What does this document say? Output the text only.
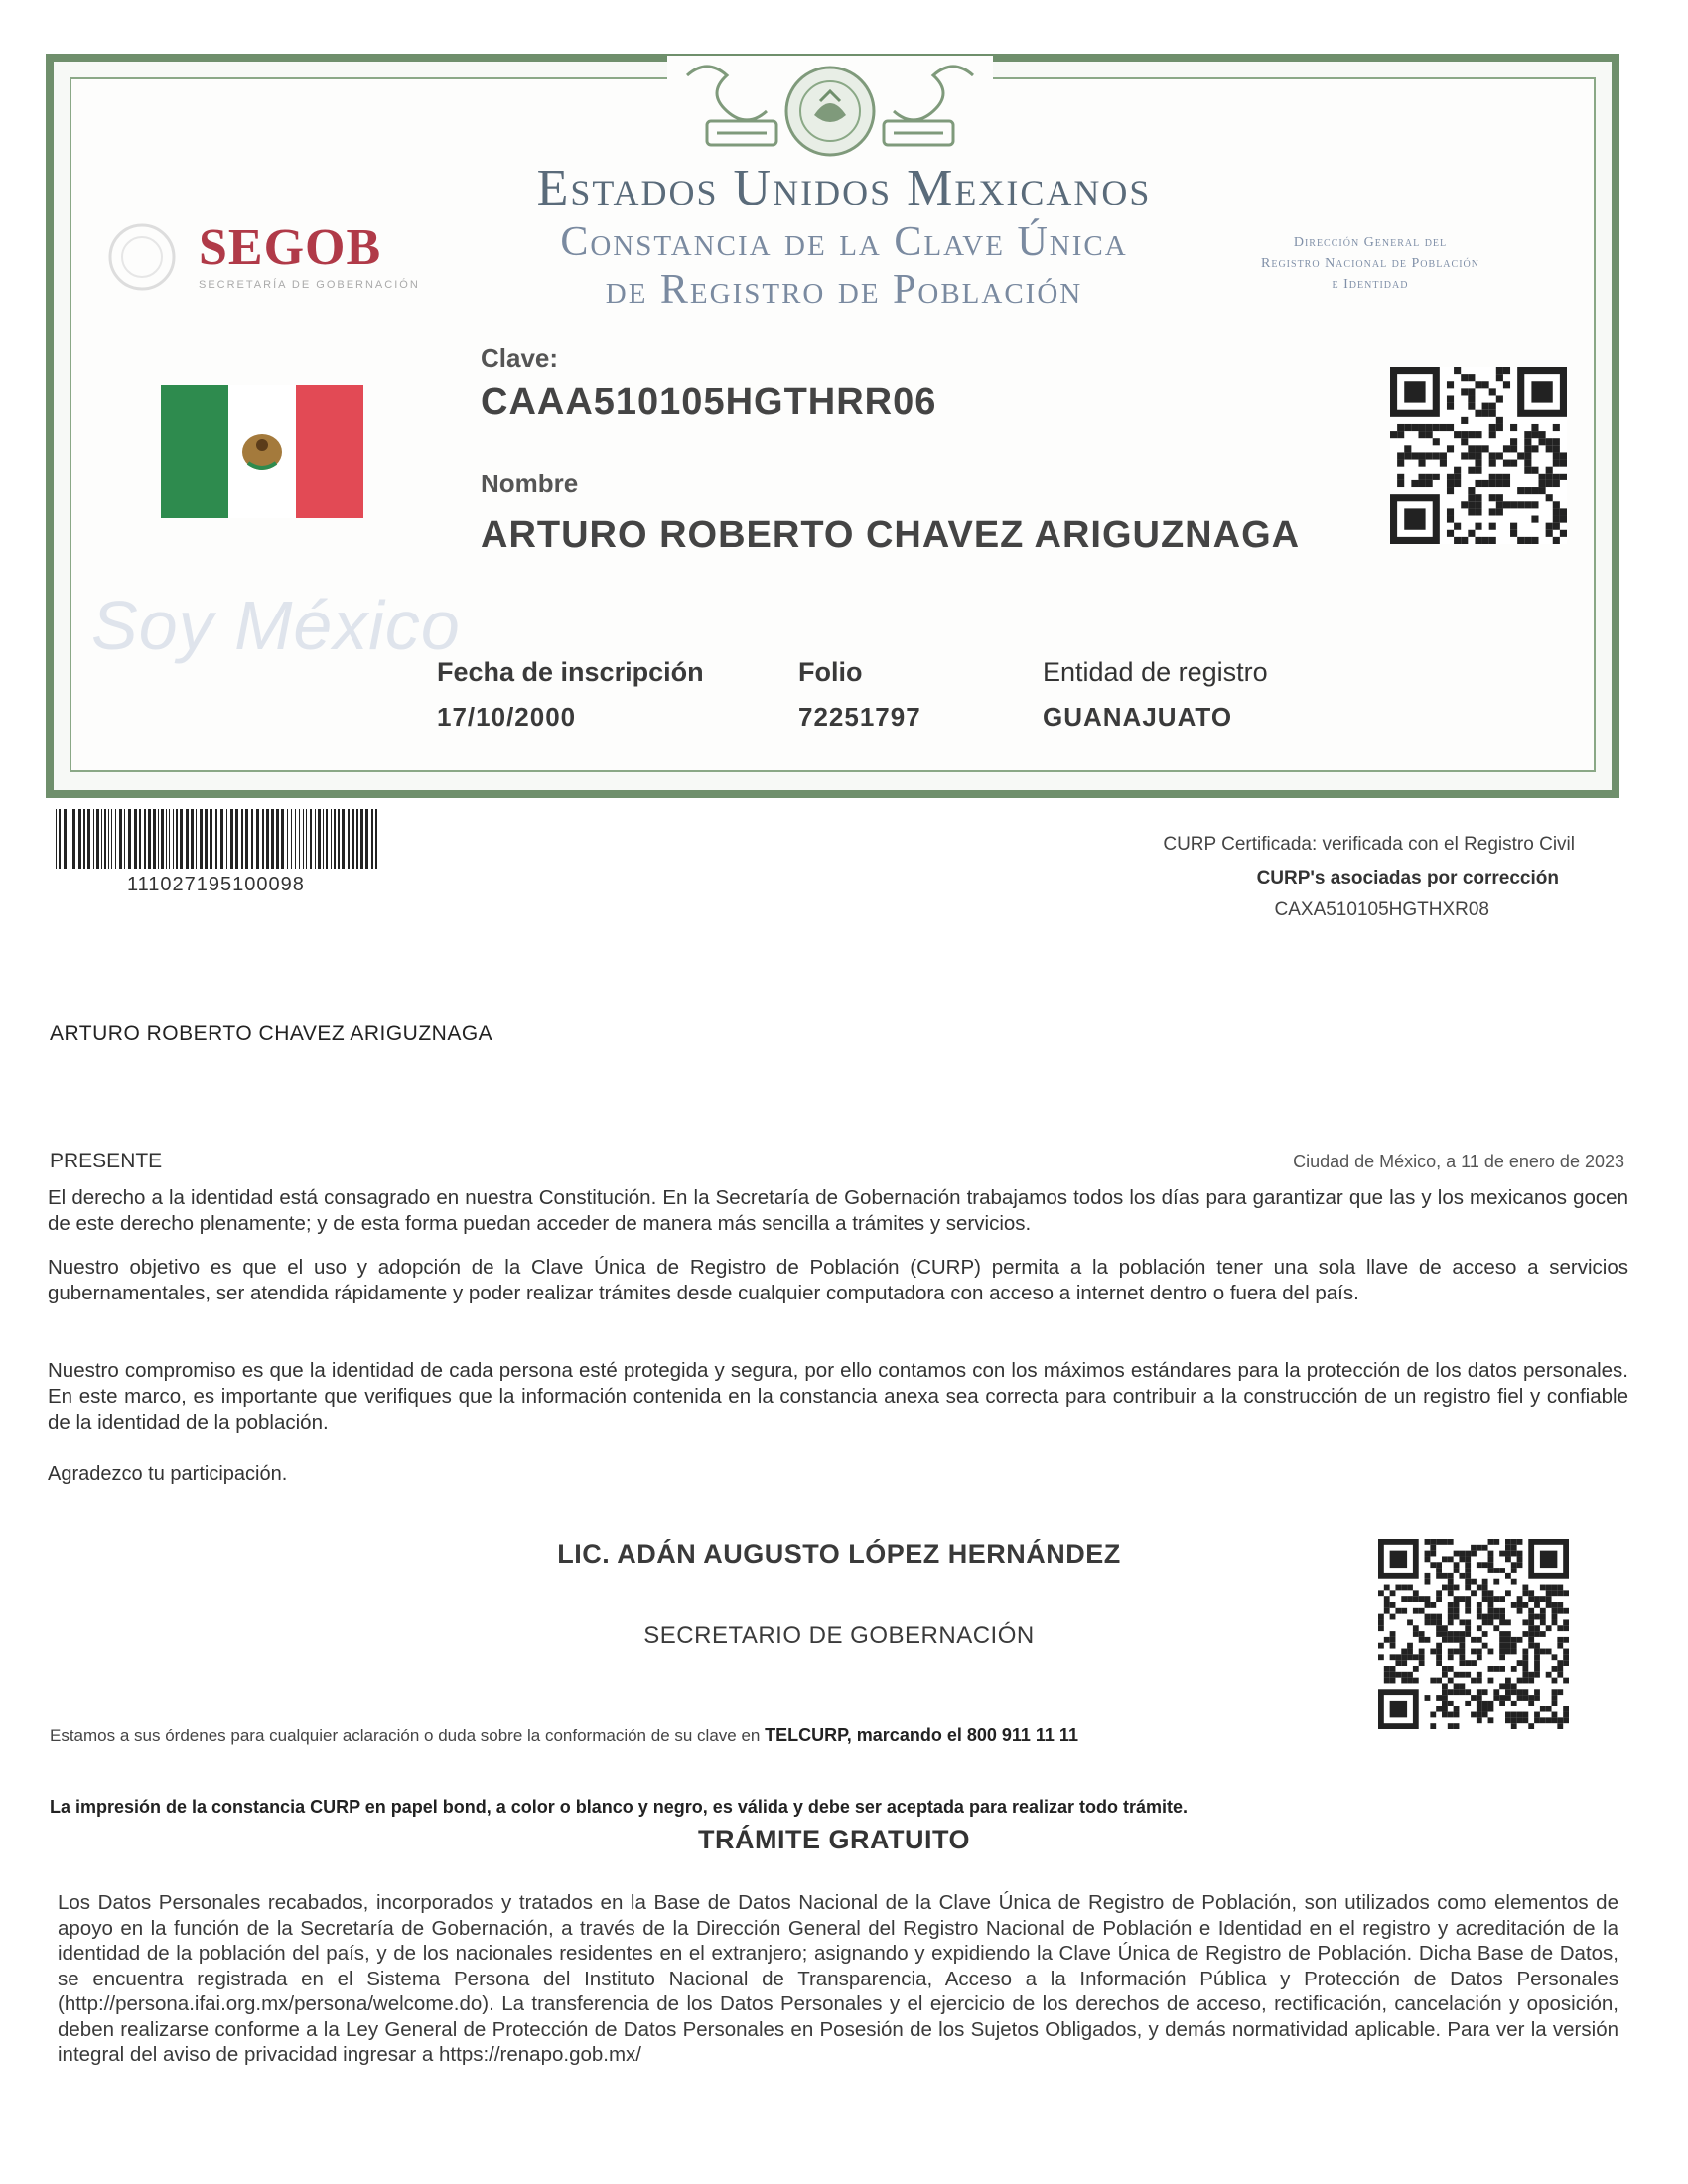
Estados Unidos Mexicanos
Constancia de la Clave Única
de Registro de Población
SEGOB
SECRETARÍA DE GOBERNACIÓN
Dirección General del
Registro Nacional de Población
e Identidad
Clave:
CAAA510105HGTHRR06
Nombre
ARTURO ROBERTO CHAVEZ ARIGUZNAGA
Soy México
Fecha de inscripción
17/10/2000
Folio
72251797
Entidad de registro
GUANAJUATO
111027195100098
CURP Certificada: verificada con el Registro Civil
CURP's asociadas por corrección
CAXA510105HGTHXR08
ARTURO ROBERTO CHAVEZ ARIGUZNAGA
PRESENTE	Ciudad de México, a 11 de enero de 2023
El derecho a la identidad está consagrado en nuestra Constitución. En la Secretaría de Gobernación trabajamos todos los días para garantizar que las y los mexicanos gocen de este derecho plenamente; y de esta forma puedan acceder de manera más sencilla a trámites y servicios.
Nuestro objetivo es que el uso y adopción de la Clave Única de Registro de Población (CURP) permita a la población tener una sola llave de acceso a servicios gubernamentales, ser atendida rápidamente y poder realizar trámites desde cualquier computadora con acceso a internet dentro o fuera del país.
Nuestro compromiso es que la identidad de cada persona esté protegida y segura, por ello contamos con los máximos estándares para la protección de los datos personales. En este marco, es importante que verifiques que la información contenida en la constancia anexa sea correcta para contribuir a la construcción de un registro fiel y confiable de la identidad de la población.
Agradezco tu participación.
LIC. ADÁN AUGUSTO LÓPEZ HERNÁNDEZ
SECRETARIO DE GOBERNACIÓN
Estamos a sus órdenes para cualquier aclaración o duda sobre la conformación de su clave en TELCURP, marcando el 800 911 11 11
La impresión de la constancia CURP en papel bond, a color o blanco y negro, es válida y debe ser aceptada para realizar todo trámite.
TRÁMITE GRATUITO
Los Datos Personales recabados, incorporados y tratados en la Base de Datos Nacional de la Clave Única de Registro de Población, son utilizados como elementos de apoyo en la función de la Secretaría de Gobernación, a través de la Dirección General del Registro Nacional de Población e Identidad en el registro y acreditación de la identidad de la población del país, y de los nacionales residentes en el extranjero; asignando y expidiendo la Clave Única de Registro de Población. Dicha Base de Datos, se encuentra registrada en el Sistema Persona del Instituto Nacional de Transparencia, Acceso a la Información Pública y Protección de Datos Personales (http://persona.ifai.org.mx/persona/welcome.do). La transferencia de los Datos Personales y el ejercicio de los derechos de acceso, rectificación, cancelación y oposición, deben realizarse conforme a la Ley General de Protección de Datos Personales en Posesión de los Sujetos Obligados, y demás normatividad aplicable. Para ver la versión integral del aviso de privacidad ingresar a https://renapo.gob.mx/
